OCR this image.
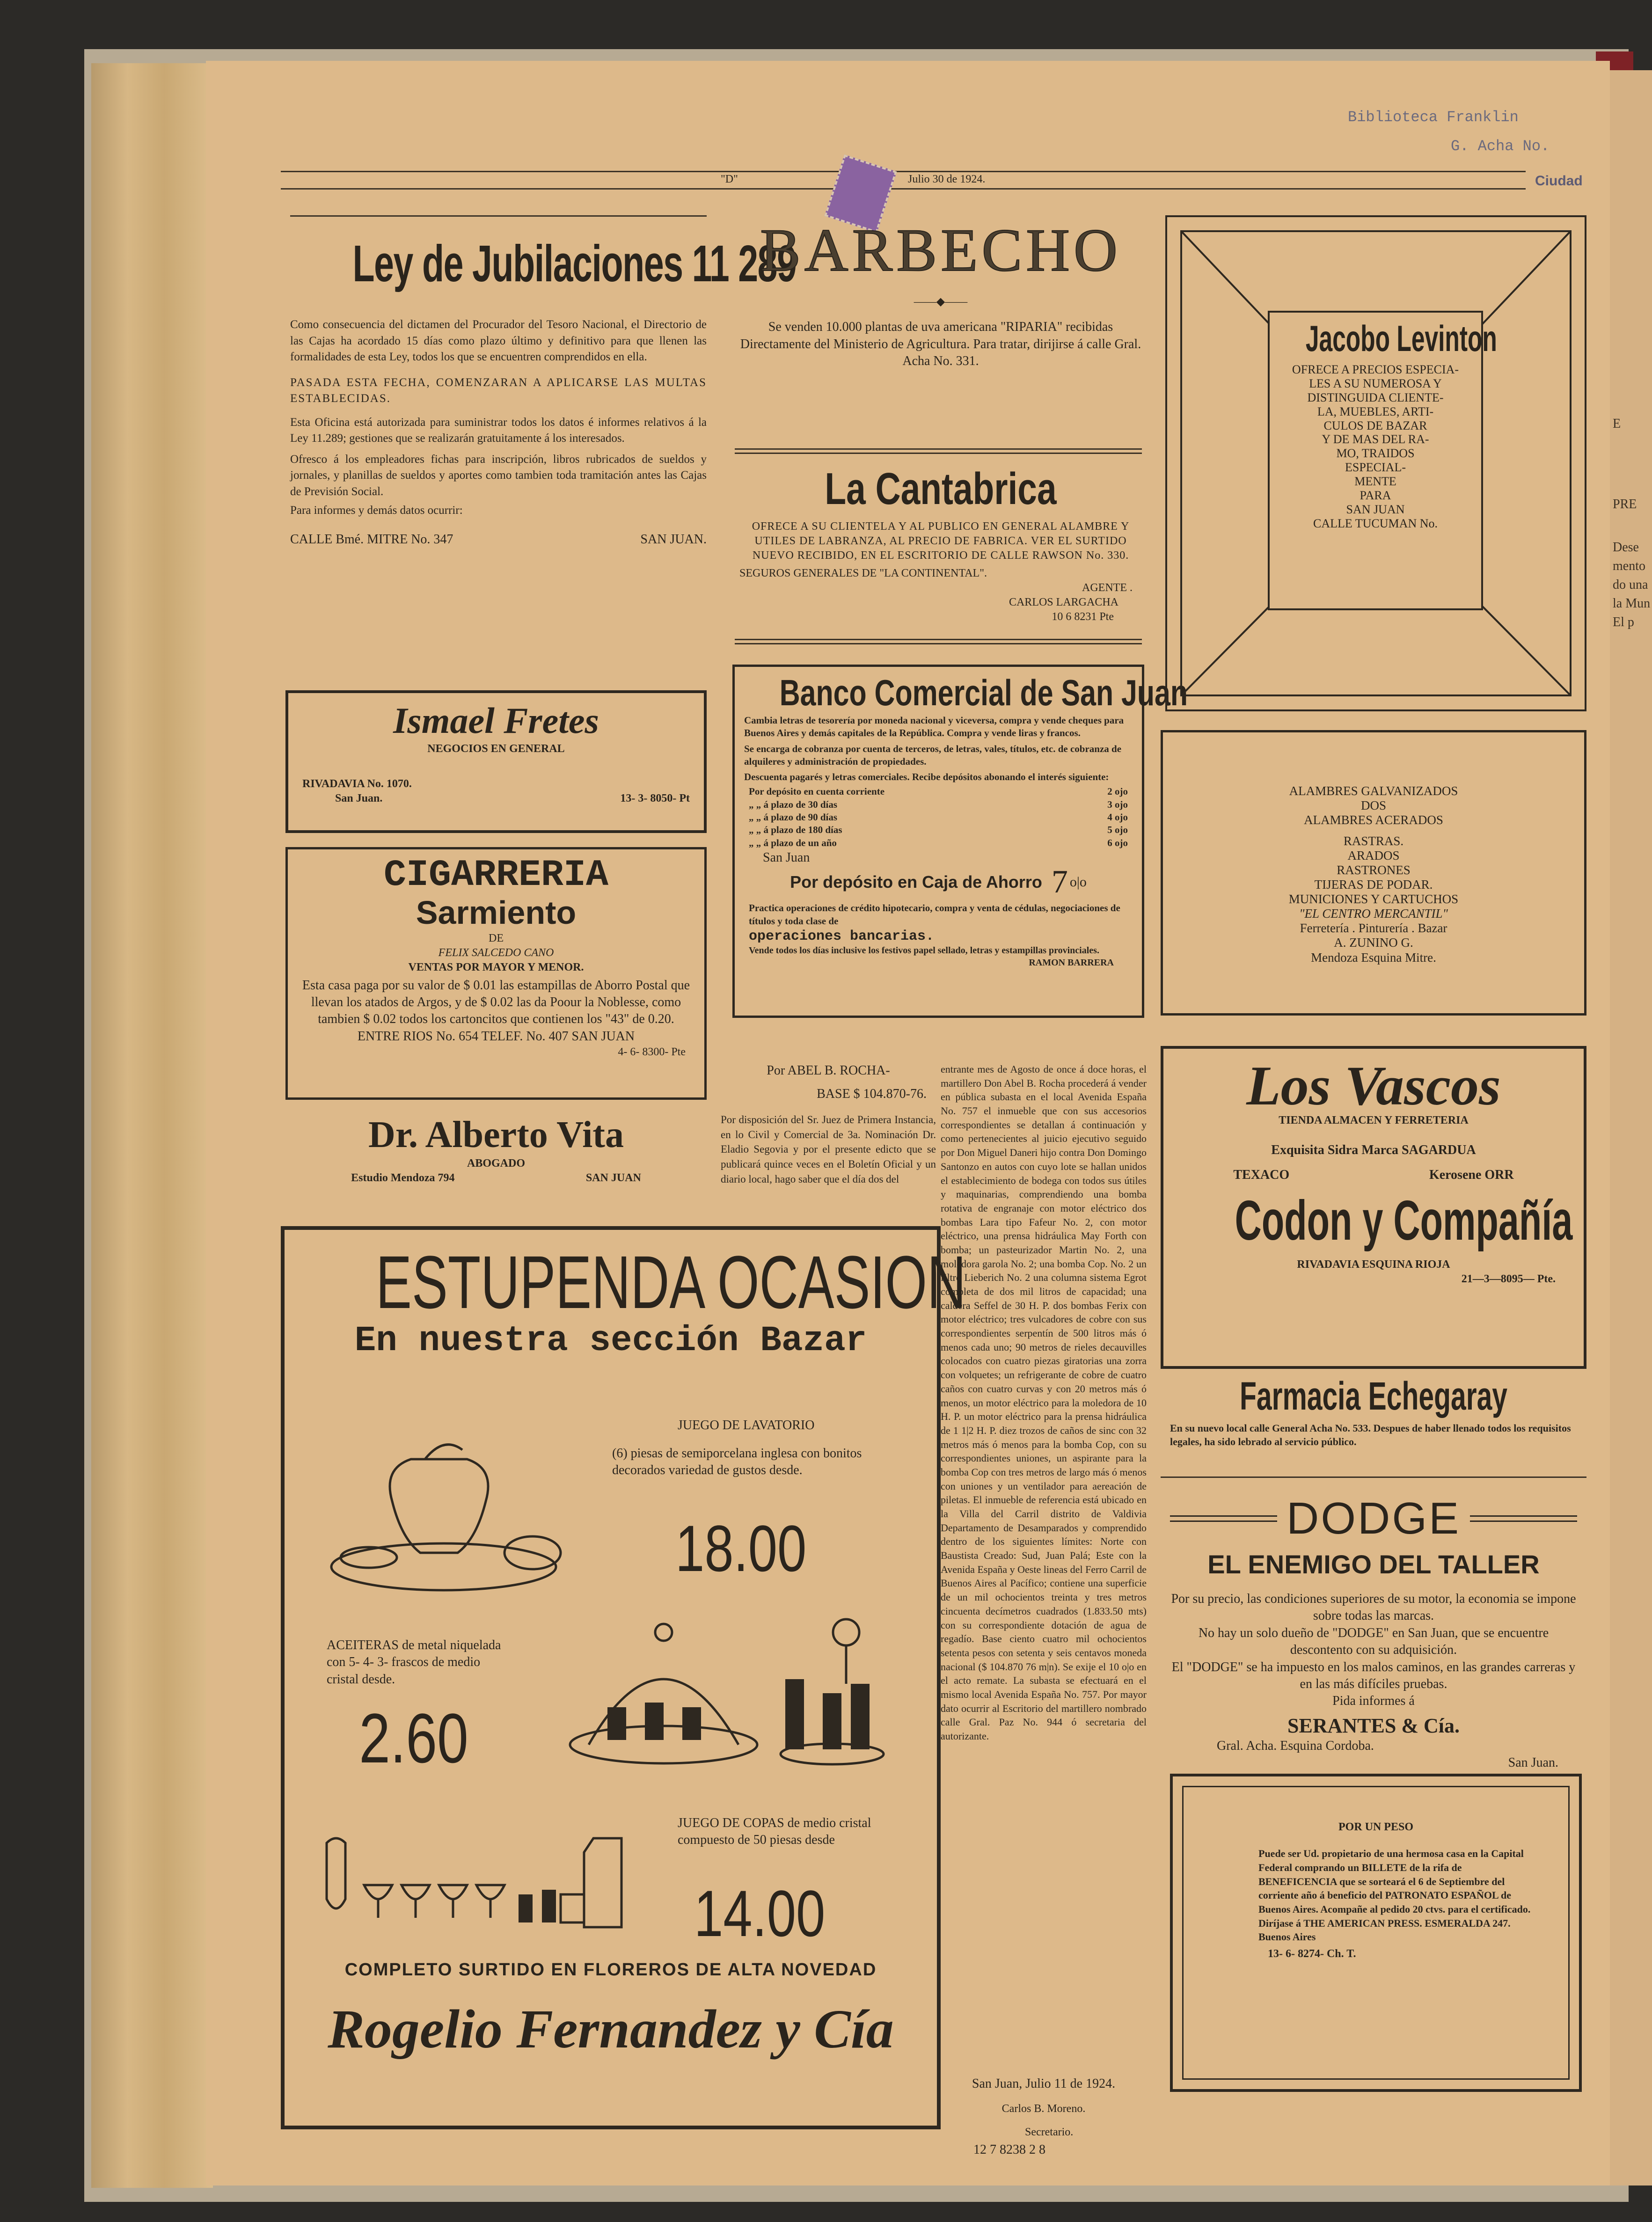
Biblioteca Franklin
G. Acha No.
Ciudad
"D"	Julio 30 de 1924.
Ley de Jubilaciones 11 289
Como consecuencia del dictamen del Procurador del Tesoro Nacional, el Directorio de las Cajas ha acordado 15 días como plazo último y definitivo para que llenen las formalidades de esta Ley, todos los que se encuentren comprendidos en ella.
PASADA ESTA FECHA, COMENZARAN A APLICARSE LAS MULTAS ESTABLECIDAS.
Esta Oficina está autorizada para suministrar todos los datos é informes relativos á la Ley 11.289; gestiones que se realizarán gratuitamente á los interesados.
Ofresco á los empleadores fichas para inscripción, libros rubricados de sueldos y jornales, y planillas de sueldos y aportes como tambien toda tramitación antes las Cajas de Previsión Social.
Para informes y demás datos ocurrir:
CALLE Bmé. MITRE No. 347	SAN JUAN.
Ismael Fretes
NEGOCIOS EN GENERAL
RIVADAVIA No. 1070.
San Juan.	13- 3- 8050- Pt
CIGARRERIA
Sarmiento
DE
FELIX SALCEDO CANO
VENTAS POR MAYOR Y MENOR.
Esta casa paga por su valor de $ 0.01 las estampillas de Aborro Postal que llevan los atados de Argos, y de $ 0.02 las da Poour la Noblesse, como tambien $ 0.02 todos los cartoncitos que contienen los "43" de 0.20.
ENTRE RIOS No. 654 TELEF. No. 407 SAN JUAN
4- 6- 8300- Pte
Dr. Alberto Vita
ABOGADO
Estudio Mendoza 794	SAN JUAN
BARBECHO
——◆——
Se venden 10.000 plantas de uva americana "RIPARIA" recibidas Directamente del Ministerio de Agricultura. Para tratar, dirijirse á calle Gral. Acha No. 331.
La Cantabrica
OFRECE A SU CLIENTELA Y AL PUBLICO EN GENERAL ALAMBRE Y UTILES DE LABRANZA, AL PRECIO DE FABRICA. VER EL SURTIDO NUEVO RECIBIDO, EN EL ESCRITORIO DE CALLE RAWSON No. 330.
SEGUROS GENERALES DE "LA CONTINENTAL".
AGENTE .
CARLOS LARGACHA
10 6 8231 Pte
Banco Comercial de San Juan
Cambia letras de tesorería por moneda nacional y viceversa, compra y vende cheques para Buenos Aires y demás capitales de la República. Compra y vende liras y francos.
Se encarga de cobranza por cuenta de terceros, de letras, vales, títulos, etc. de cobranza de alquileres y administración de propiedades.
Descuenta pagarés y letras comerciales. Recibe depósitos abonando el interés siguiente:
Por depósito en cuenta corriente	2 ojo
„ „ á plazo de 30 días	3 ojo
„ „ á plazo de 90 días	4 ojo
„ „ á plazo de 180 días	5 ojo
„ „ á plazo de un año	6 ojo
San Juan
Por depósito en Caja de Ahorro 7 o|o
Practica operaciones de crédito hipotecario, compra y venta de cédulas, negociaciones de títulos y toda clase de
operaciones bancarias.
Vende todos los días inclusive los festivos papel sellado, letras y estampillas provinciales.
RAMON BARRERA
Jacobo Levinton
OFRECE A PRECIOS ESPECIA-
LES A SU NUMEROSA Y
DISTINGUIDA CLIENTE-
LA, MUEBLES, ARTI-
CULOS DE BAZAR
Y DE MAS DEL RA-
MO, TRAIDOS
ESPECIAL-
MENTE
PARA
SAN JUAN
CALLE TUCUMAN No.
ALAMBRES GALVANIZADOS
DOS
ALAMBRES ACERADOS
RASTRAS.
ARADOS
RASTRONES
TIJERAS DE PODAR.
MUNICIONES Y CARTUCHOS
"EL CENTRO MERCANTIL"
Ferretería . Pinturería . Bazar
A. ZUNINO G.
Mendoza Esquina Mitre.
Los Vascos
TIENDA ALMACEN Y FERRETERIA
Exquisita Sidra Marca SAGARDUA
TEXACO	Kerosene ORR
Codon y Compañía
RIVADAVIA ESQUINA RIOJA
21—3—8095— Pte.
Farmacia Echegaray
En su nuevo local calle General Acha No. 533. Despues de haber llenado todos los requisitos legales, ha sido lebrado al servicio público.
DODGE
EL ENEMIGO DEL TALLER
Por su precio, las condiciones superiores de su motor, la economia se impone sobre todas las marcas.
No hay un solo dueño de "DODGE" en San Juan, que se encuentre descontento con su adquisición.
El "DODGE" se ha impuesto en los malos caminos, en las grandes carreras y en las más difíciles pruebas.
Pida informes á
SERANTES & Cía.
Gral. Acha. Esquina Cordoba.
San Juan.
POR UN PESO
Puede ser Ud. propietario de una hermosa casa en la Capital Federal comprando un BILLETE de la rifa de BENEFICENCIA que se sorteará el 6 de Septiembre del corriente año á beneficio del PATRONATO ESPAÑOL de Buenos Aires. Acompañe al pedido 20 ctvs. para el certificado. Diríjase á THE AMERICAN PRESS. ESMERALDA 247. Buenos Aires
13- 6- 8274- Ch. T.
Por ABEL B. ROCHA-
BASE $ 104.870-76.
Por disposición del Sr. Juez de Primera Instancia, en lo Civil y Comercial de 3a. Nominación Dr. Eladio Segovia y por el presente edicto que se publicará quince veces en el Boletín Oficial y un diario local, hago saber que el día dos del
entrante mes de Agosto de once á doce horas, el martillero Don Abel B. Rocha procederá á vender en pública subasta en el local Avenida España No. 757 el inmueble que con sus accesorios correspondientes se detallan á continuación y como pertenecientes al juicio ejecutivo seguido por Don Miguel Daneri hijo contra Don Domingo Santonzo en autos con cuyo lote se hallan unidos el establecimiento de bodega con todos sus útiles y maquinarias, comprendiendo una bomba rotativa de engranaje con motor eléctrico dos bombas Lara tipo Fafeur No. 2, con motor eléctrico, una prensa hidráulica May Forth con bomba; un pasteurizador Martin No. 2, una moledora garola No. 2; una bomba Cop. No. 2 un filtro Lieberich No. 2 una columna sistema Egrot completa de dos mil litros de capacidad; una caldera Seffel de 30 H. P. dos bombas Ferix con motor eléctrico; tres vulcadores de cobre con sus correspondientes serpentín de 500 litros más ó menos cada uno; 90 metros de rieles decauvilles colocados con cuatro piezas giratorias una zorra con volquetes; un refrigerante de cobre de cuatro caños con cuatro curvas y con 20 metros más ó menos, un motor eléctrico para la moledora de 10 H. P. un motor eléctrico para la prensa hidráulica de 1 1|2 H. P. diez trozos de caños de sinc con 32 metros más ó menos para la bomba Cop, con su correspondientes uniones, un aspirante para la bomba Cop con tres metros de largo más ó menos con uniones y un ventilador para aereación de piletas. El inmueble de referencia está ubicado en la Villa del Carril distrito de Valdivia Departamento de Desamparados y comprendido dentro de los siguientes límites: Norte con Baustista Creado: Sud, Juan Palá; Este con la Avenida España y Oeste lineas del Ferro Carril de Buenos Aires al Pacífico; contiene una superficie de un mil ochocientos treinta y tres metros cincuenta decímetros cuadrados (1.833.50 mts) con su correspondiente dotación de agua de regadío. Base ciento cuatro mil ochocientos setenta pesos con setenta y seis centavos moneda nacional ($ 104.870 76 m|n). Se exije el 10 o|o en el acto remate. La subasta se efectuará en el mismo local Avenida España No. 757. Por mayor dato ocurrir al Escritorio del martillero nombrado calle Gral. Paz No. 944 ó secretaria del autorizante.
San Juan, Julio 11 de 1924.
Carlos B. Moreno.
Secretario.
12 7 8238 2 8
ESTUPENDA OCASION
En nuestra sección Bazar
JUEGO DE LAVATORIO
(6) piesas de semiporcelana inglesa con bonitos decorados variedad de gustos desde.
18.00
ACEITERAS de metal niquelada con 5- 4- 3- frascos de medio cristal desde.
2.60
JUEGO DE COPAS de medio cristal compuesto de 50 piesas desde
14.00
COMPLETO SURTIDO EN FLOREROS DE ALTA NOVEDAD
Rogelio Fernandez y Cía
E
PRE
Dese
mento
do una
la Mun
El p
